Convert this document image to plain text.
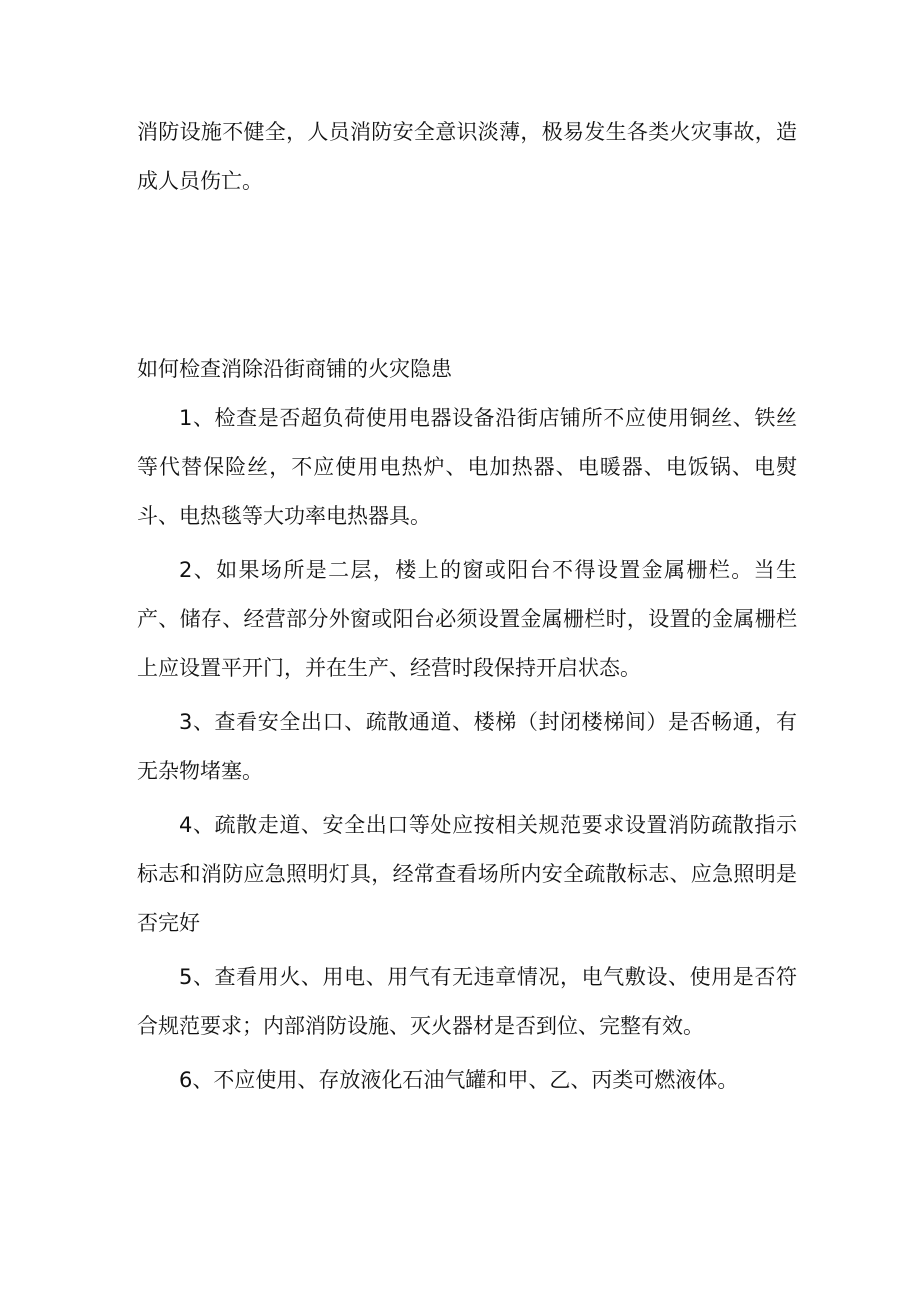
消防设施不健全，人员消防安全意识淡薄，极易发生各类火灾事故，造成人员伤亡。

如何检查消除沿街商铺的火灾隐患

1、检查是否超负荷使用电器设备沿街店铺所不应使用铜丝、铁丝等代替保险丝，不应使用电热炉、电加热器、电暖器、电饭锅、电熨斗、电热毯等大功率电热器具。

2、如果场所是二层，楼上的窗或阳台不得设置金属栅栏。当生产、储存、经营部分外窗或阳台必须设置金属栅栏时，设置的金属栅栏上应设置平开门，并在生产、经营时段保持开启状态。

3、查看安全出口、疏散通道、楼梯（封闭楼梯间）是否畅通，有无杂物堵塞。

4、疏散走道、安全出口等处应按相关规范要求设置消防疏散指示标志和消防应急照明灯具，经常查看场所内安全疏散标志、应急照明是否完好

5、查看用火、用电、用气有无违章情况，电气敷设、使用是否符合规范要求；内部消防设施、灭火器材是否到位、完整有效。

6、不应使用、存放液化石油气罐和甲、乙、丙类可燃液体。
